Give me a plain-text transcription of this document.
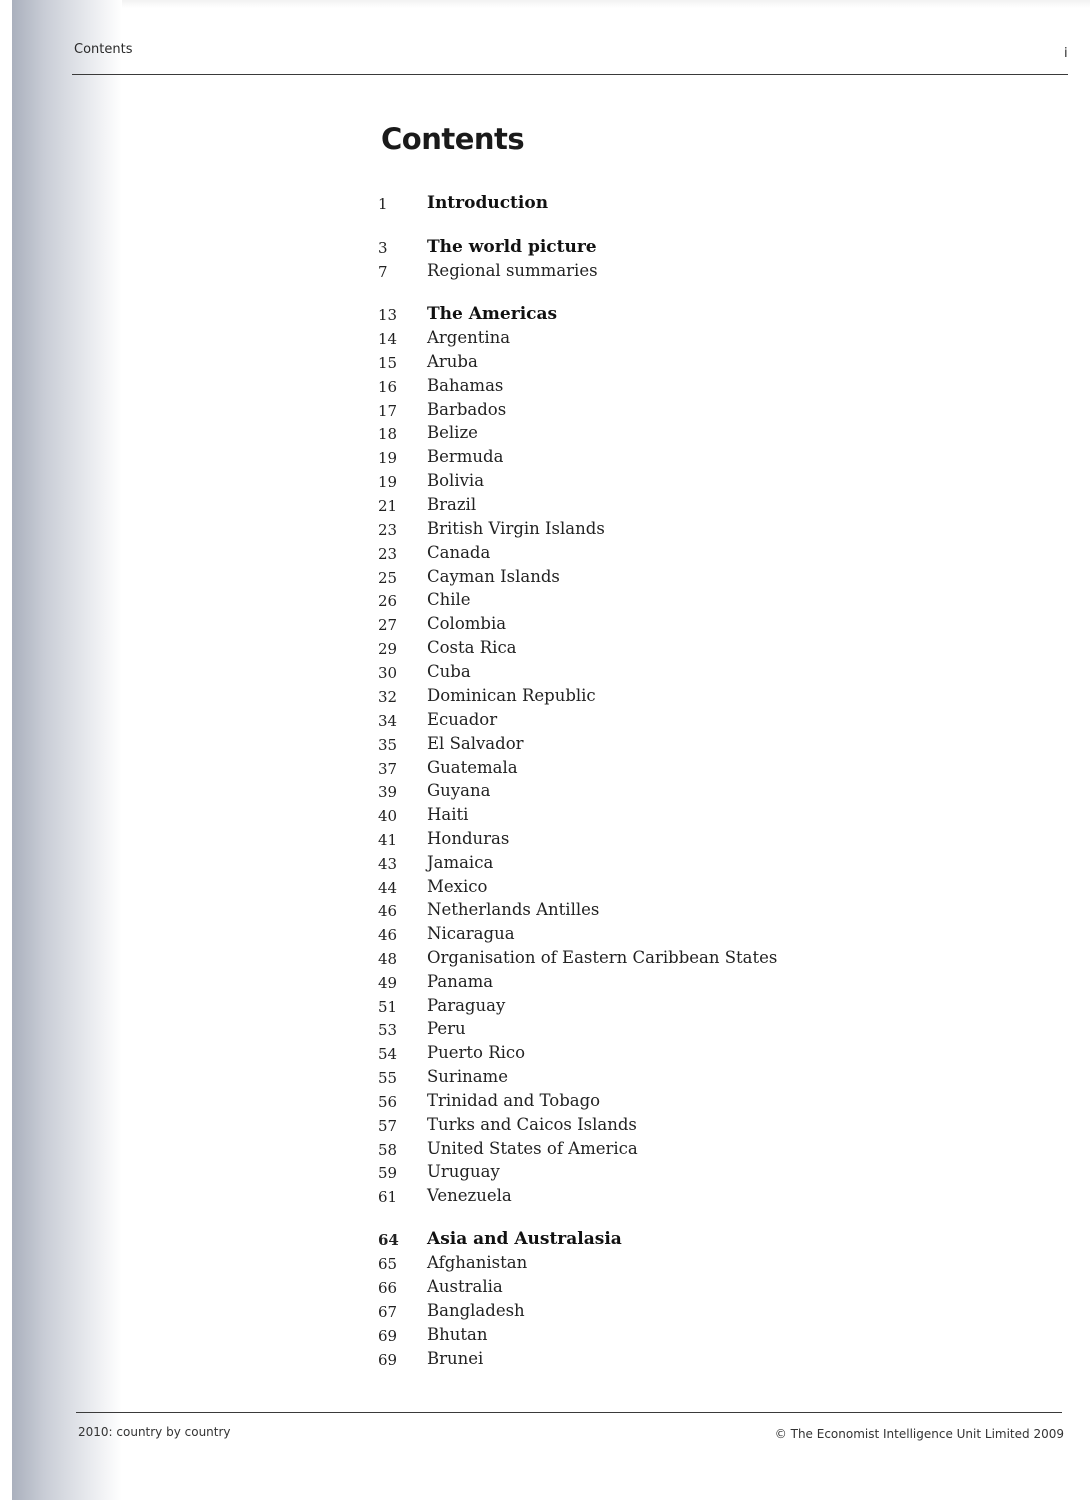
Contents	i
Contents
1	Introduction
3	The world picture
7	Regional summaries
13	The Americas
14	Argentina
15	Aruba
16	Bahamas
17	Barbados
18	Belize
19	Bermuda
19	Bolivia
21	Brazil
23	British Virgin Islands
23	Canada
25	Cayman Islands
26	Chile
27	Colombia
29	Costa Rica
30	Cuba
32	Dominican Republic
34	Ecuador
35	El Salvador
37	Guatemala
39	Guyana
40	Haiti
41	Honduras
43	Jamaica
44	Mexico
46	Netherlands Antilles
46	Nicaragua
48	Organisation of Eastern Caribbean States
49	Panama
51	Paraguay
53	Peru
54	Puerto Rico
55	Suriname
56	Trinidad and Tobago
57	Turks and Caicos Islands
58	United States of America
59	Uruguay
61	Venezuela
64	Asia and Australasia
65	Afghanistan
66	Australia
67	Bangladesh
69	Bhutan
69	Brunei
2010: country by country	© The Economist Intelligence Unit Limited 2009
